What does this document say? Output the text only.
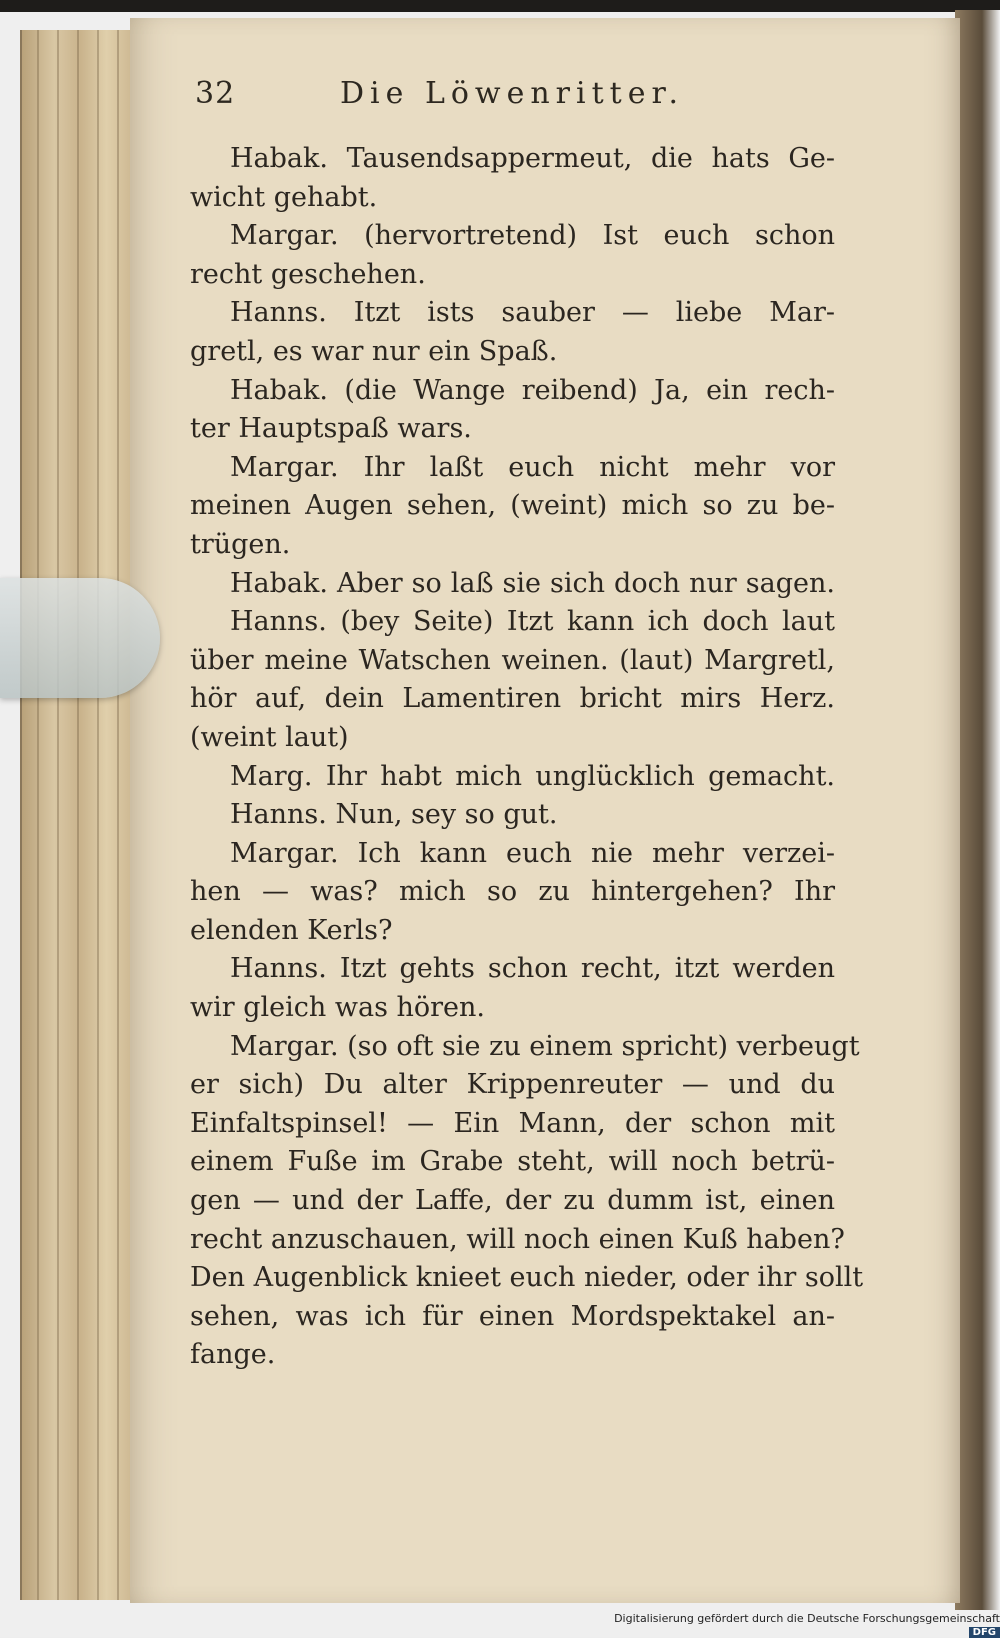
32	Die Löwenritter.
Habak. Tausendsappermeut, die hats Ge-
wicht gehabt.
Margar. (hervortretend) Ist euch schon
recht geschehen.
Hanns. Itzt ists sauber — liebe Mar-
gretl, es war nur ein Spaß.
Habak. (die Wange reibend) Ja, ein rech-
ter Hauptspaß wars.
Margar. Ihr laßt euch nicht mehr vor
meinen Augen sehen, (weint) mich so zu be-
trügen.
Habak. Aber so laß sie sich doch nur sagen.
Hanns. (bey Seite) Itzt kann ich doch laut
über meine Watschen weinen. (laut) Margretl,
hör auf, dein Lamentiren bricht mirs Herz.
(weint laut)
Marg. Ihr habt mich unglücklich gemacht.
Hanns. Nun, sey so gut.
Margar. Ich kann euch nie mehr verzei-
hen — was? mich so zu hintergehen? Ihr
elenden Kerls?
Hanns. Itzt gehts schon recht, itzt werden
wir gleich was hören.
Margar. (so oft sie zu einem spricht) verbeugt
er sich) Du alter Krippenreuter — und du
Einfaltspinsel! — Ein Mann, der schon mit
einem Fuße im Grabe steht, will noch betrü-
gen — und der Laffe, der zu dumm ist, einen
recht anzuschauen, will noch einen Kuß haben?
Den Augenblick knieet euch nieder, oder ihr sollt
sehen, was ich für einen Mordspektakel an-
fange.
Digitalisierung gefördert durch die Deutsche Forschungsgemeinschaft DFG
